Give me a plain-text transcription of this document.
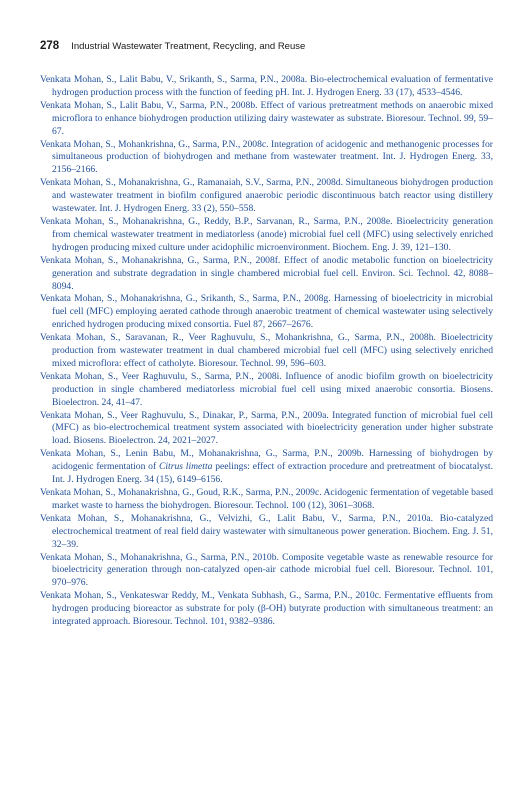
278 Industrial Wastewater Treatment, Recycling, and Reuse
Venkata Mohan, S., Lalit Babu, V., Srikanth, S., Sarma, P.N., 2008a. Bio-electrochemical evaluation of fermentative hydrogen production process with the function of feeding pH. Int. J. Hydrogen Energ. 33 (17), 4533–4546.
Venkata Mohan, S., Lalit Babu, V., Sarma, P.N., 2008b. Effect of various pretreatment methods on anaerobic mixed microflora to enhance biohydrogen production utilizing dairy wastewater as substrate. Bioresour. Technol. 99, 59–67.
Venkata Mohan, S., Mohankrishna, G., Sarma, P.N., 2008c. Integration of acidogenic and methanogenic processes for simultaneous production of biohydrogen and methane from wastewater treatment. Int. J. Hydrogen Energ. 33, 2156–2166.
Venkata Mohan, S., Mohanakrishna, G., Ramanaiah, S.V., Sarma, P.N., 2008d. Simultaneous biohydrogen production and wastewater treatment in biofilm configured anaerobic periodic discontinuous batch reactor using distillery wastewater. Int. J. Hydrogen Energ. 33 (2), 550–558.
Venkata Mohan, S., Mohanakrishna, G., Reddy, B.P., Sarvanan, R., Sarma, P.N., 2008e. Bioelectricity generation from chemical wastewater treatment in mediatorless (anode) microbial fuel cell (MFC) using selectively enriched hydrogen producing mixed culture under acidophilic microenvironment. Biochem. Eng. J. 39, 121–130.
Venkata Mohan, S., Mohanakrishna, G., Sarma, P.N., 2008f. Effect of anodic metabolic function on bioelectricity generation and substrate degradation in single chambered microbial fuel cell. Environ. Sci. Technol. 42, 8088–8094.
Venkata Mohan, S., Mohanakrishna, G., Srikanth, S., Sarma, P.N., 2008g. Harnessing of bioelectricity in microbial fuel cell (MFC) employing aerated cathode through anaerobic treatment of chemical wastewater using selectively enriched hydrogen producing mixed consortia. Fuel 87, 2667–2676.
Venkata Mohan, S., Saravanan, R., Veer Raghuvulu, S., Mohankrishna, G., Sarma, P.N., 2008h. Bioelectricity production from wastewater treatment in dual chambered microbial fuel cell (MFC) using selectively enriched mixed microflora: effect of catholyte. Bioresour. Technol. 99, 596–603.
Venkata Mohan, S., Veer Raghuvulu, S., Sarma, P.N., 2008i. Influence of anodic biofilm growth on bioelectricity production in single chambered mediatorless microbial fuel cell using mixed anaerobic consortia. Biosens. Bioelectron. 24, 41–47.
Venkata Mohan, S., Veer Raghuvulu, S., Dinakar, P., Sarma, P.N., 2009a. Integrated function of microbial fuel cell (MFC) as bio-electrochemical treatment system associated with bioelectricity generation under higher substrate load. Biosens. Bioelectron. 24, 2021–2027.
Venkata Mohan, S., Lenin Babu, M., Mohanakrishna, G., Sarma, P.N., 2009b. Harnessing of biohydrogen by acidogenic fermentation of Citrus limetta peelings: effect of extraction procedure and pretreatment of biocatalyst. Int. J. Hydrogen Energ. 34 (15), 6149–6156.
Venkata Mohan, S., Mohanakrishna, G., Goud, R.K., Sarma, P.N., 2009c. Acidogenic fermentation of vegetable based market waste to harness the biohydrogen. Bioresour. Technol. 100 (12), 3061–3068.
Venkata Mohan, S., Mohanakrishna, G., Velvizhi, G., Lalit Babu, V., Sarma, P.N., 2010a. Bio-catalyzed electrochemical treatment of real field dairy wastewater with simultaneous power generation. Biochem. Eng. J. 51, 32–39.
Venkata Mohan, S., Mohanakrishna, G., Sarma, P.N., 2010b. Composite vegetable waste as renewable resource for bioelectricity generation through non-catalyzed open-air cathode microbial fuel cell. Bioresour. Technol. 101, 970–976.
Venkata Mohan, S., Venkateswar Reddy, M., Venkata Subhash, G., Sarma, P.N., 2010c. Fermentative effluents from hydrogen producing bioreactor as substrate for poly (β-OH) butyrate production with simultaneous treatment: an integrated approach. Bioresour. Technol. 101, 9382–9386.
